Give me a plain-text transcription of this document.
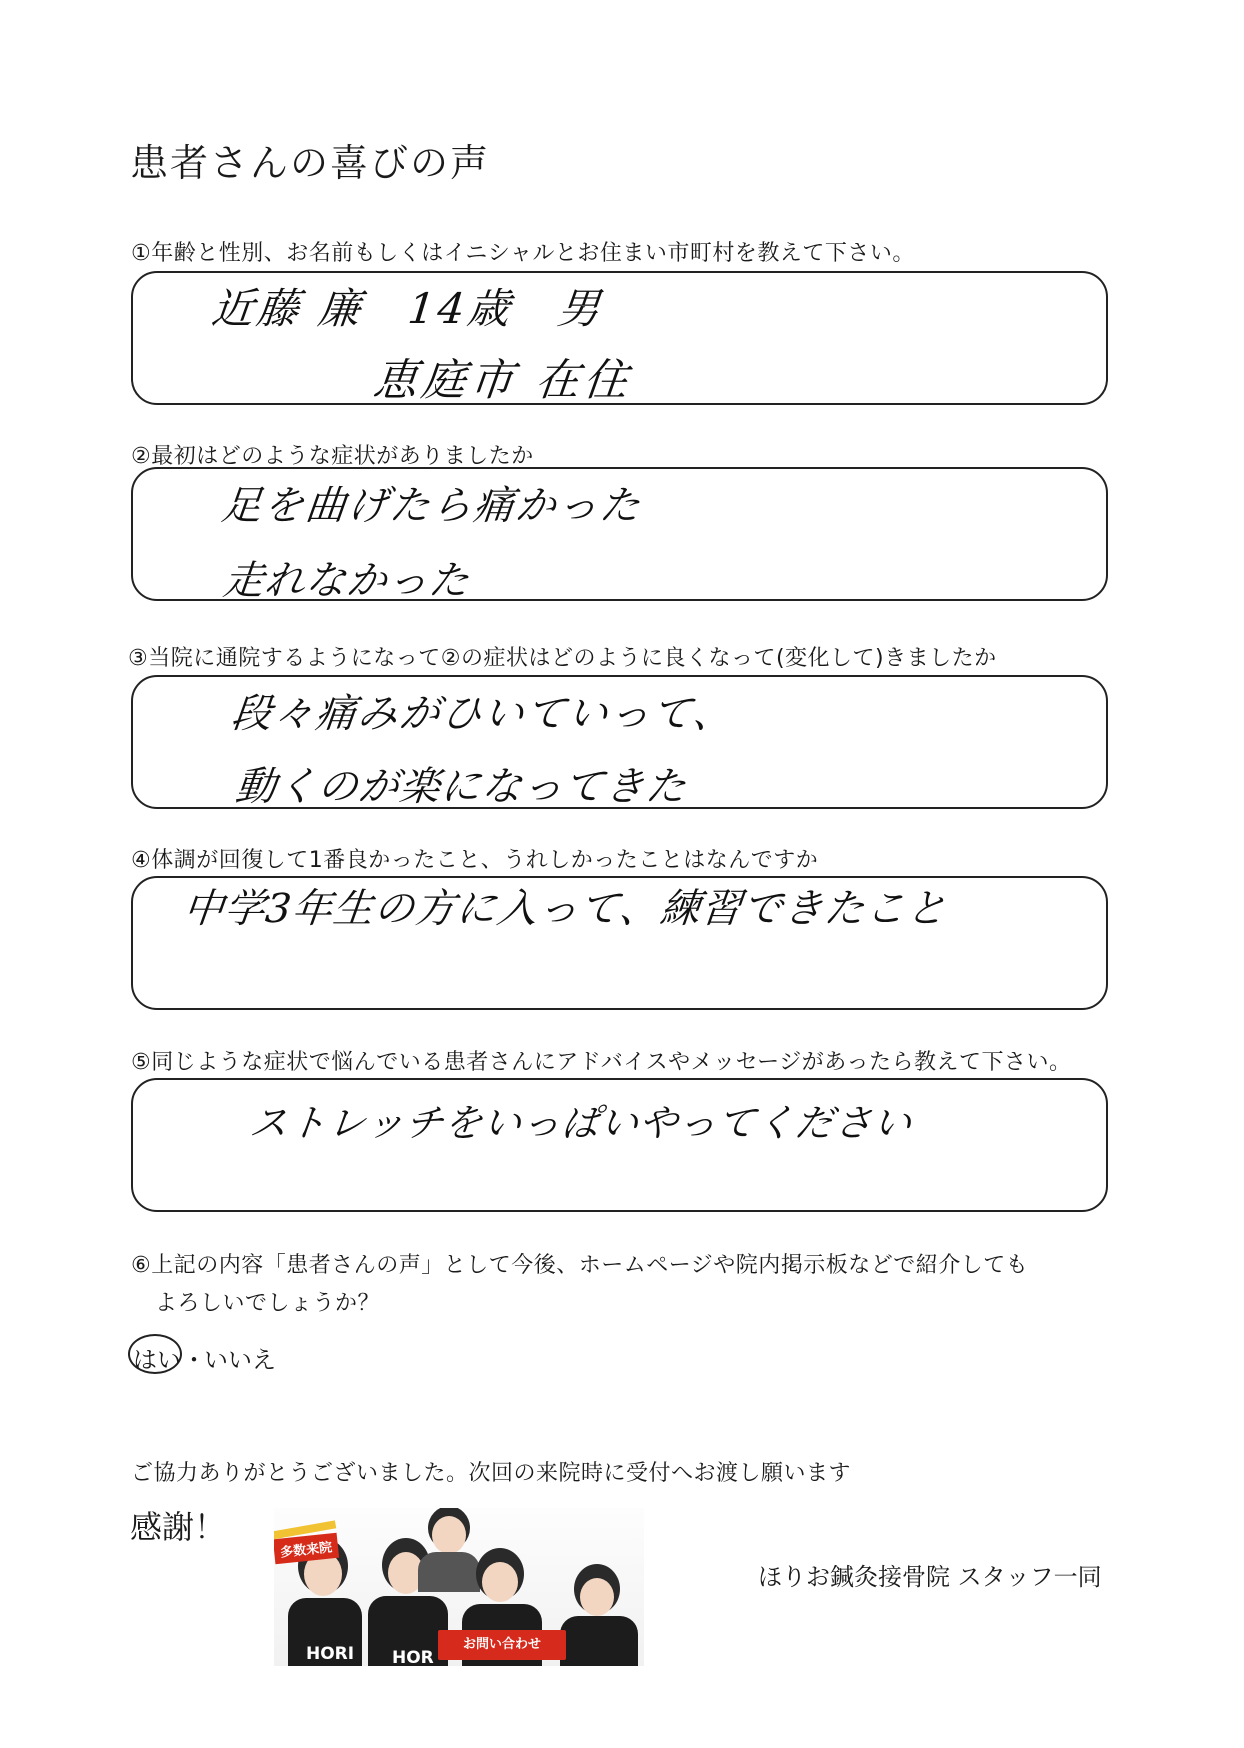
患者さんの喜びの声
①年齢と性別、お名前もしくはイニシャルとお住まい市町村を教えて下さい。
近藤 廉　14歳　男
恵庭市 在住
②最初はどのような症状がありましたか
足を曲げたら痛かった
走れなかった
③当院に通院するようになって②の症状はどのように良くなって(変化して)きましたか
段々痛みがひいていって、
動くのが楽になってきた
④体調が回復して1番良かったこと、うれしかったことはなんですか
中学3年生の方に入って、練習できたこと
⑤同じような症状で悩んでいる患者さんにアドバイスやメッセージがあったら教えて下さい。
ストレッチをいっぱいやってください
⑥上記の内容「患者さんの声」として今後、ホームページや院内掲示板などで紹介しても
よろしいでしょうか？
はい ・
いいえ
ご協力ありがとうございました。次回の来院時に受付へお渡し願います
感謝！
ほりお鍼灸接骨院 スタッフ一同
HORI HOR
多数来院
お問い合わせ
